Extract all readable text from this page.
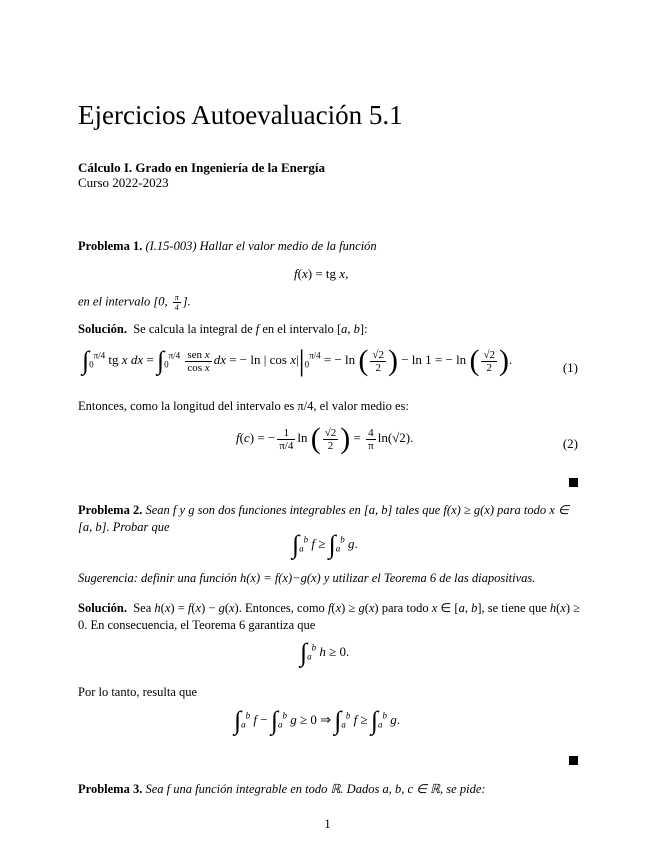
Ejercicios Autoevaluación 5.1
Cálculo I. Grado en Ingeniería de la Energía
Curso 2022-2023
Problema 1. (I.15-003) Hallar el valor medio de la función
f(x) = tg x,
en el intervalo [0, $\frac{\pi}{4}$ ].
Solución.  Se calcula la integral de f en el intervalo [a, b]:
$\int_0^{\pi/4}$ tg x dx = $\int_0^{\pi/4} \frac{\text{sen x}}{\text{cos x}}$ dx = − ln | $\cos x||_0^{\pi/4}$ = − ln ( $\frac{√2}{2}$ ) − ln 1 = − ln ( $\frac{√2}{2}$ ).
(1)
Entonces, como la longitud del intervalo es π/4, el valor medio es:
f(c) = − $\frac{1}{\pi/4}$ ln ( $\frac{√2}{2}$ ) = $\frac{4}{\pi} \ln(√2)$.	(2)
Problema 2. Sean f y g son dos funciones integrables en [a, b] tales que f(x) ≥ g(x) para todo x ∈ [a, b]. Probar que
$\int_a^b$ $f \ge \int_a^b$ g.
Sugerencia: definir una función h(x) = f(x)−g(x) y utilizar el Teorema 6 de las diapositivas.
Solución.  Sea h(x) = f(x) − g(x). Entonces, como f(x) ≥ g(x) para todo x ∈ [a, b], se tiene que h(x) ≥ 0. En consecuencia, el Teorema 6 garantiza que
$\int_a^b$ h ≥ 0.
Por lo tanto, resulta que
$\int_a^b$ $f - \int_a^b$ g ≥ 0 ⇒ $\int_a^b$ $f \ge \int_a^b$ g.
Problema 3. Sea f una función integrable en todo ℝ. Dados a, b, c ∈ ℝ, se pide:
1
